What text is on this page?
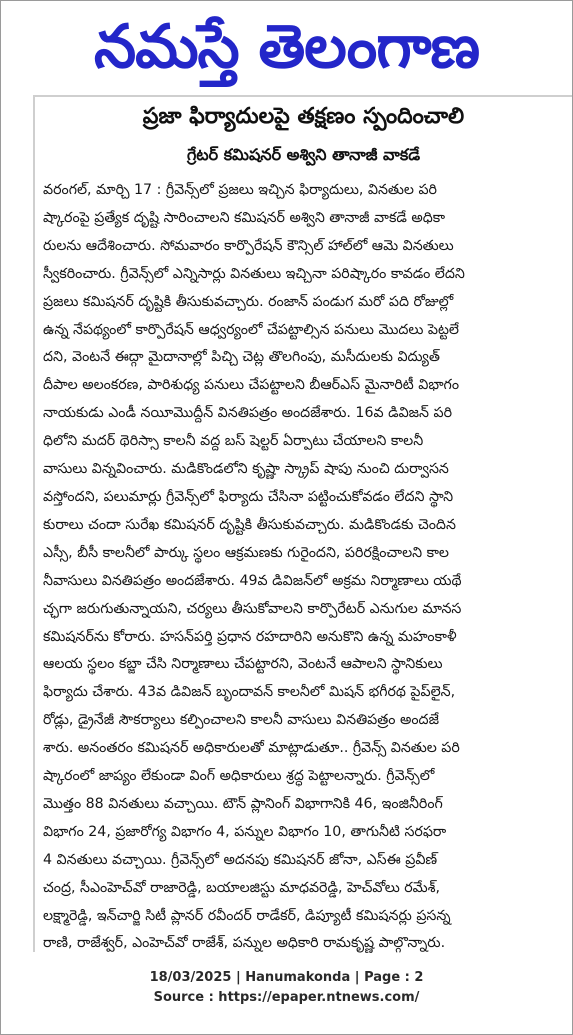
నమస్తే తెలంగాణ
ప్రజా ఫిర్యాదులపై తక్షణం స్పందించాలి
గ్రేటర్ కమిషనర్ అశ్విని తానాజీ వాకడే
వరంగల్, మార్చి 17 : గ్రీవెన్స్‌లో ప్రజలు ఇచ్చిన ఫిర్యాదులు, వినతుల పరి
ష్కారంపై ప్రత్యేక దృష్టి సారించాలని కమిషనర్ అశ్విని తానాజీ వాకడే అధికా
రులను ఆదేశించారు. సోమవారం కార్పొరేషన్ కౌన్సిల్ హాల్‌లో ఆమె వినతులు
స్వీకరించారు. గ్రీవెన్స్‌లో ఎన్నిసార్లు వినతులు ఇచ్చినా పరిష్కారం కావడం లేదని
ప్రజలు కమిషనర్ దృష్టికి తీసుకువచ్చారు. రంజాన్ పండుగ మరో పది రోజుల్లో
ఉన్న నేపథ్యంలో కార్పొరేషన్ ఆధ్వర్యంలో చేపట్టాల్సిన పనులు మొదలు పెట్టలే
దని, వెంటనే ఈద్గా మైదానాల్లో పిచ్చి చెట్ల తొలగింపు, మసీదులకు విద్యుత్
దీపాల అలంకరణ, పారిశుధ్య పనులు చేపట్టాలని బీఆర్ఎస్ మైనారిటీ విభాగం
నాయకుడు ఎండీ నయీమొద్దీన్ వినతిపత్రం అందజేశారు. 16వ డివిజన్ పరి
ధిలోని మదర్ థెరిస్సా కాలనీ వద్ద బస్ షెల్టర్ ఏర్పాటు చేయాలని కాలనీ
వాసులు విన్నవించారు. మడికొండలోని కృష్ణా స్క్రాప్ షాపు నుంచి దుర్వాసన
వస్తోందని, పలుమార్లు గ్రీవెన్స్‌లో ఫిర్యాదు చేసినా పట్టించుకోవడం లేదని స్థాని
కురాలు చందా సురేఖ కమిషనర్ దృష్టికి తీసుకువచ్చారు. మడికొండకు చెందిన
ఎస్సీ, బీసీ కాలనీలో పార్కు స్థలం ఆక్రమణకు గురైందని, పరిరక్షించాలని కాల
నీవాసులు వినతిపత్రం అందజేశారు. 49వ డివిజన్‌లో అక్రమ నిర్మాణాలు యథే
చ్ఛగా జరుగుతున్నాయని, చర్యలు తీసుకోవాలని కార్పొరేటర్ ఎనుగుల మానస
కమిషనర్‌ను కోరారు. హసన్‌పర్తి ప్రధాన రహదారిని అనుకొని ఉన్న మహంకాళీ
ఆలయ స్థలం కబ్జా చేసి నిర్మాణాలు చేపట్టారని, వెంటనే ఆపాలని స్థానికులు
ఫిర్యాదు చేశారు. 43వ డివిజన్ బృందావన్ కాలనీలో మిషన్ భగీరథ పైప్‌లైన్,
రోడ్లు, డ్రైనేజీ సౌకర్యాలు కల్పించాలని కాలనీ వాసులు వినతిపత్రం అందజే
శారు. అనంతరం కమిషనర్ అధికారులతో మాట్లాడుతూ.. గ్రీవెన్స్ వినతుల పరి
ష్కారంలో జాప్యం లేకుండా వింగ్ అధికారులు శ్రద్ధ పెట్టాలన్నారు. గ్రీవెన్స్‌లో
మొత్తం 88 వినతులు వచ్చాయి. టౌన్ ప్లానింగ్ విభాగానికి 46, ఇంజినీరింగ్
విభాగం 24, ప్రజారోగ్య విభాగం 4, పన్నుల విభాగం 10, తాగునీటి సరఫరా
4 వినతులు వచ్చాయి. గ్రీవెన్స్‌లో అదనపు కమిషనర్ జోనా, ఎస్ఈ ప్రవీణ్
చంద్ర, సీఎంహెచ్‌వో రాజారెడ్డి, బయాలజిస్టు మాధవరెడ్డి, హెచ్‌వోలు రమేశ్,
లక్ష్మారెడ్డి, ఇన్‌చార్జి సిటీ ప్లానర్ రవీందర్ రాడేకర్, డిప్యూటీ కమిషనర్లు ప్రసన్న
రాణి, రాజేశ్వర్, ఎంహెచ్‌వో రాజేశ్, పన్నుల అధికారి రామకృష్ణ పాల్గొన్నారు.
18/03/2025 | Hanumakonda | Page : 2
Source : https://epaper.ntnews.com/
